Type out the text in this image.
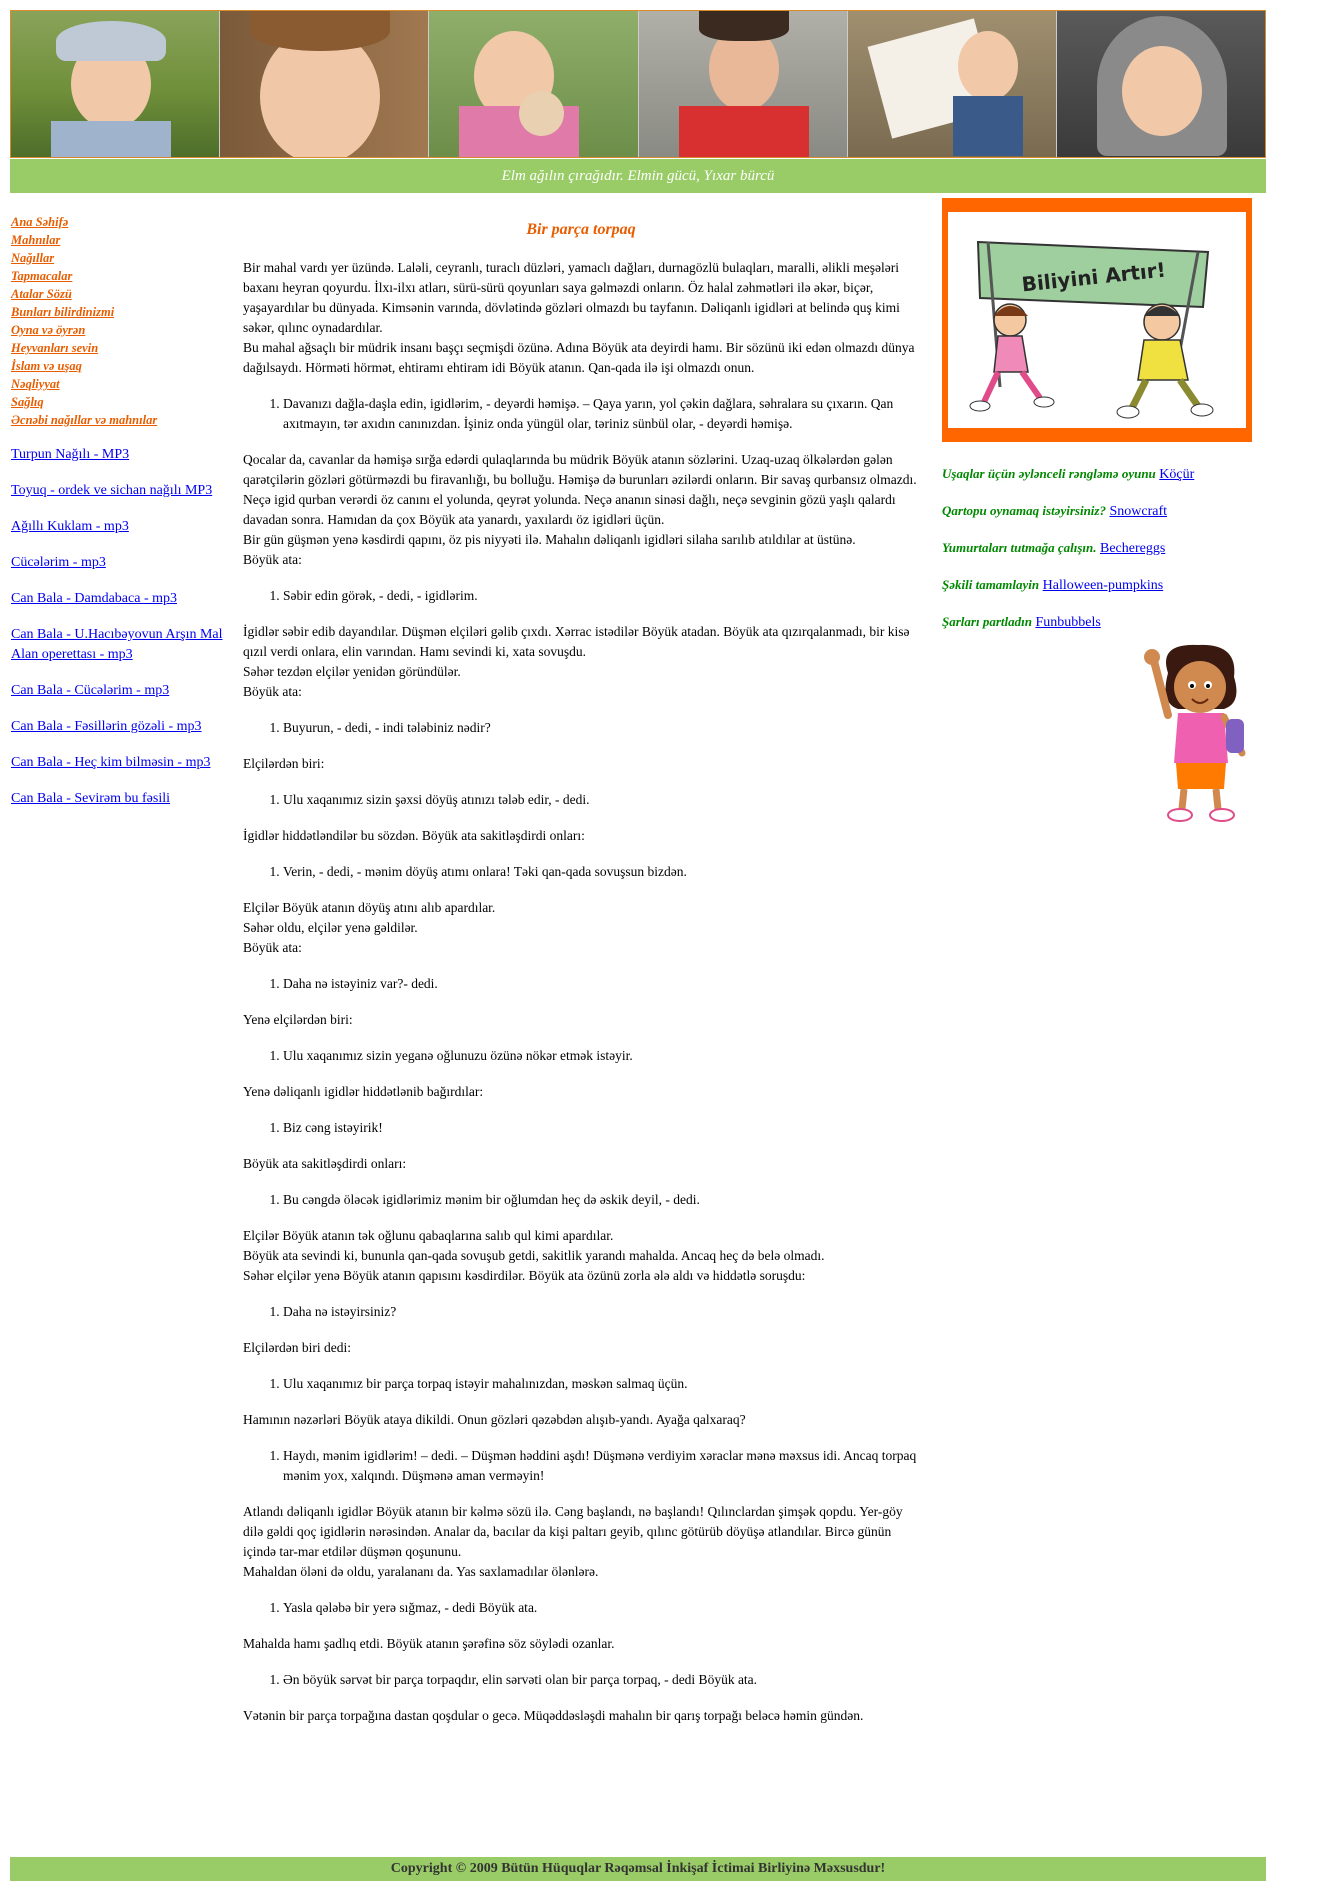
Elm ağılın çırağıdır. Elmin gücü, Yıxar bürcü
Ana Səhifə
Mahnılar
Nağıllar
Tapmacalar
Atalar Sözü
Bunları bilirdinizmi
Oyna və öyrən
Heyvanları sevin
İslam və uşaq
Nəqliyyat
Sağlıq
Əcnəbi nağıllar və mahnılar
Turpun Nağılı - MP3
Toyuq - ordek ve sichan nağılı MP3
Ağıllı Kuklam - mp3
Cücələrim - mp3
Can Bala - Damdabaca - mp3
Can Bala - U.Hacıbəyovun Arşın Mal Alan operettası - mp3
Can Bala - Cücələrim - mp3
Can Bala - Fəsillərin gözəli - mp3
Can Bala - Heç kim bilməsin - mp3
Can Bala - Sevirəm bu fəsili
Bir parça torpaq

Bir mahal vardı yer üzündə. Laləli, ceyranlı, turaclı düzləri, yamaclı dağları, durnagözlü bulaqları, maralli, əlikli meşələri baxanı heyran qoyurdu. İlxı-ilxı atları, sürü-sürü qoyunları saya gəlməzdi onların. Öz halal zəhmətləri ilə əkər, biçər, yaşayardılar bu dünyada. Kimsənin varında, dövlətində gözləri olmazdı bu tayfanın. Dəliqanlı igidləri at belində quş kimi səkər, qılınc oynadardılar.
Bu mahal ağsaçlı bir müdrik insanı başçı seçmişdi özünə. Adına Böyük ata deyirdi hamı. Bir sözünü iki edən olmazdı dünya dağılsaydı. Hörməti hörmət, ehtiramı ehtiram idi Böyük atanın. Qan-qada ilə işi olmazdı onun.

1. Davanızı dağla-daşla edin, igidlərim, - deyərdi həmişə. – Qaya yarın, yol çəkin dağlara, səhralara su çıxarın. Qan axıtmayın, tər axıdın canınızdan. İşiniz onda yüngül olar, təriniz sünbül olar, - deyərdi həmişə.

Qocalar da, cavanlar da həmişə sırğa edərdi qulaqlarında bu müdrik Böyük atanın sözlərini. Uzaq-uzaq ölkələrdən gələn qarətçilərin gözləri götürməzdi bu firavanlığı, bu bolluğu. Həmişə də burunları əzilərdi onların. Bir savaş qurbansız olmazdı. Neçə igid qurban verərdi öz canını el yolunda, qeyrət yolunda. Neçə ananın sinəsi dağlı, neçə sevginin gözü yaşlı qalardı davadan sonra. Hamıdan da çox Böyük ata yanardı, yaxılardı öz igidləri üçün.
Bir gün güşmən yenə kəsdirdi qapını, öz pis niyyəti ilə. Mahalın dəliqanlı igidləri silaha sarılıb atıldılar at üstünə.
Böyük ata:

1. Səbir edin görək, - dedi, - igidlərim.

İgidlər səbir edib dayandılar. Düşmən elçiləri gəlib çıxdı. Xərrac istədilər Böyük atadan. Böyük ata qızırqalanmadı, bir kisə qızıl verdi onlara, elin varından. Hamı sevindi ki, xata sovuşdu.
Səhər tezdən elçilər yenidən göründülər.
Böyük ata:

1. Buyurun, - dedi, - indi tələbiniz nədir?

Elçilərdən biri:

1. Ulu xaqanımız sizin şəxsi döyüş atınızı tələb edir, - dedi.

İgidlər hiddətləndilər bu sözdən. Böyük ata sakitləşdirdi onları:

1. Verin, - dedi, - mənim döyüş atımı onlara! Təki qan-qada sovuşsun bizdən.

Elçilər Böyük atanın döyüş atını alıb apardılar.
Səhər oldu, elçilər yenə gəldilər.
Böyük ata:

1. Daha nə istəyiniz var?- dedi.

Yenə elçilərdən biri:

1. Ulu xaqanımız sizin yeganə oğlunuzu özünə nökər etmək istəyir.

Yenə dəliqanlı igidlər hiddətlənib bağırdılar:

1. Biz cəng istəyirik!

Böyük ata sakitləşdirdi onları:

1. Bu cəngdə öləcək igidlərimiz mənim bir oğlumdan heç də əskik deyil, - dedi.

Elçilər Böyük atanın tək oğlunu qabaqlarına salıb qul kimi apardılar.
Böyük ata sevindi ki, bununla qan-qada sovuşub getdi, sakitlik yarandı mahalda. Ancaq heç də belə olmadı.
Səhər elçilər yenə Böyük atanın qapısını kəsdirdilər. Böyük ata özünü zorla ələ aldı və hiddətlə soruşdu:

1. Daha nə istəyirsiniz?

Elçilərdən biri dedi:

1. Ulu xaqanımız bir parça torpaq istəyir mahalınızdan, məskən salmaq üçün.

Hamının nəzərləri Böyük ataya dikildi. Onun gözləri qəzəbdən alışıb-yandı. Ayağa qalxaraq?

1. Haydı, mənim igidlərim! – dedi. – Düşmən həddini aşdı! Düşmənə verdiyim xəraclar mənə məxsus idi. Ancaq torpaq mənim yox, xalqındı. Düşmənə aman verməyin!

Atlandı dəliqanlı igidlər Böyük atanın bir kəlmə sözü ilə. Cəng başlandı, nə başlandı! Qılınclardan şimşək qopdu. Yer-göy dilə gəldi qoç igidlərin nərəsindən. Analar da, bacılar da kişi paltarı geyib, qılınc götürüb döyüşə atlandılar. Bircə günün içində tar-mar etdilər düşmən qoşununu.
Mahaldan öləni də oldu, yaralananı da. Yas saxlamadılar ölənlərə.

1. Yasla qələbə bir yerə sığmaz, - dedi Böyük ata.

Mahalda hamı şadlıq etdi. Böyük atanın şərəfinə söz söylədi ozanlar.

1. Ən böyük sərvət bir parça torpaqdır, elin sərvəti olan bir parça torpaq, - dedi Böyük ata.

Vətənin bir parça torpağına dastan qoşdular o gecə. Müqəddəsləşdi mahalın bir qarış torpağı beləcə həmin gündən.

Biliyini Artır!
Uşaqlar üçün əylənceli rəngləmə oyunu Köçür
Qartopu oynamaq istəyirsiniz? Snowcraft
Yumurtaları tutmağa çalışın. Bechereggs
Şəkili tamamlayin Halloween-pumpkins
Şarları partladın Funbubbels
Copyright © 2009 Bütün Hüquqlar Rəqəmsal İnkişaf İctimai Birliyinə Məxsusdur!
